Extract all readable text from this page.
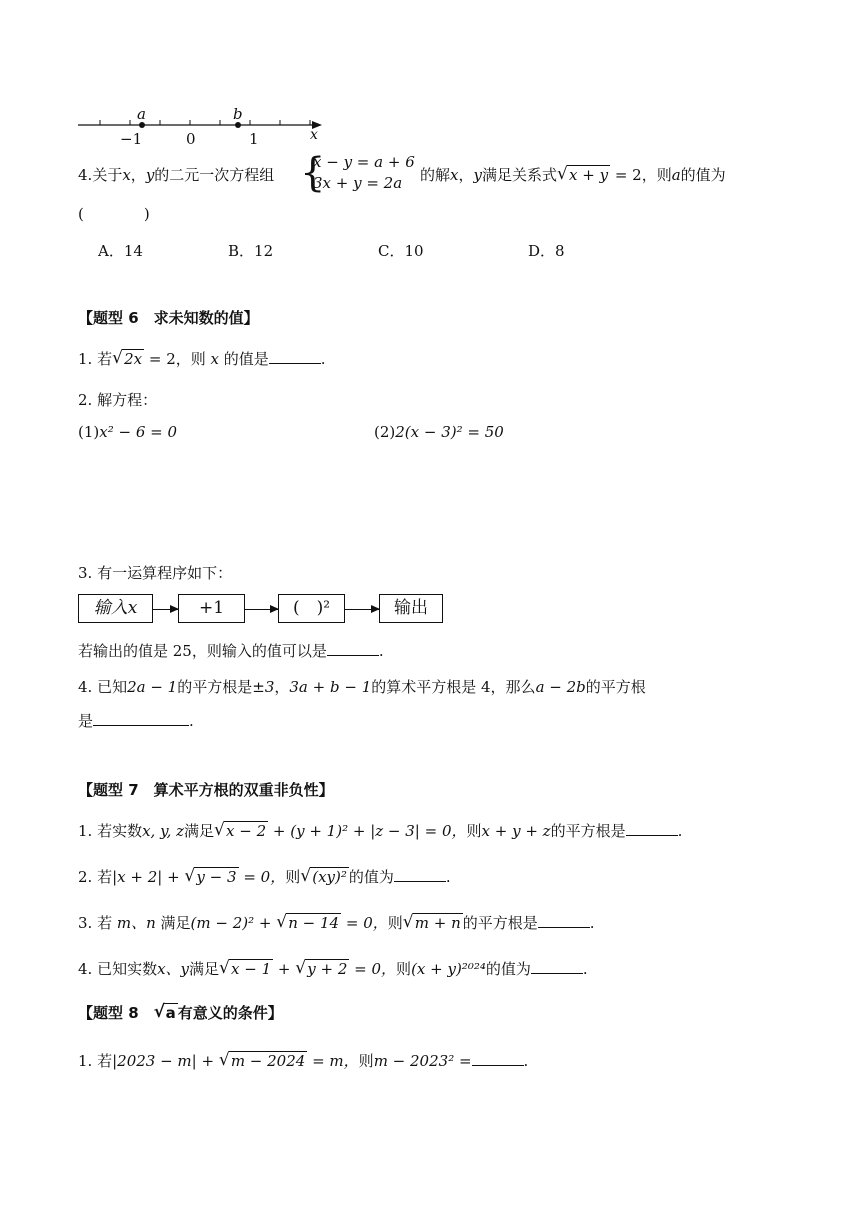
a	b
−1	0	1	x
4.关于x，y的二元一次方程组 {
x − y = a + 6
3x + y = 2a 的解x，y满足关系式 √ x + y = 2，则a的值为
(　　　　)
A．14	B．12	C．10	D．8
【题型 6　求未知数的值】
1. 若 √ 2x = 2，则 x 的值是	.
2. 解方程：
(1)x² − 6 = 0	(2)2(x − 3)² = 50
3. 有一运算程序如下：
输入x	+1	(　)²	输出
若输出的值是 25，则输入的值可以是	.
4. 已知2a − 1的平方根是±3，3a + b − 1的算术平方根是 4，那么a − 2b的平方根
是	.
【题型 7　算术平方根的双重非负性】
1. 若实数x, y, z满足 √ x − 2 + (y + 1)² + |z − 3| = 0，则x + y + z的平方根是	.
2. 若|x + 2| + √ y − 3 = 0，则 √ (xy)² 的值为	.
3. 若 m、n 满足(m − 2)² + √ n − 14 = 0，则 √ m + n 的平方根是	.
4. 已知实数x、y满足 √ x − 1 + √ y + 2 = 0，则(x + y)²⁰²⁴的值为	.
【题型 8　 √ a 有意义的条件】
1. 若|2023 − m| + √ m − 2024 = m，则m − 2023² =	.
